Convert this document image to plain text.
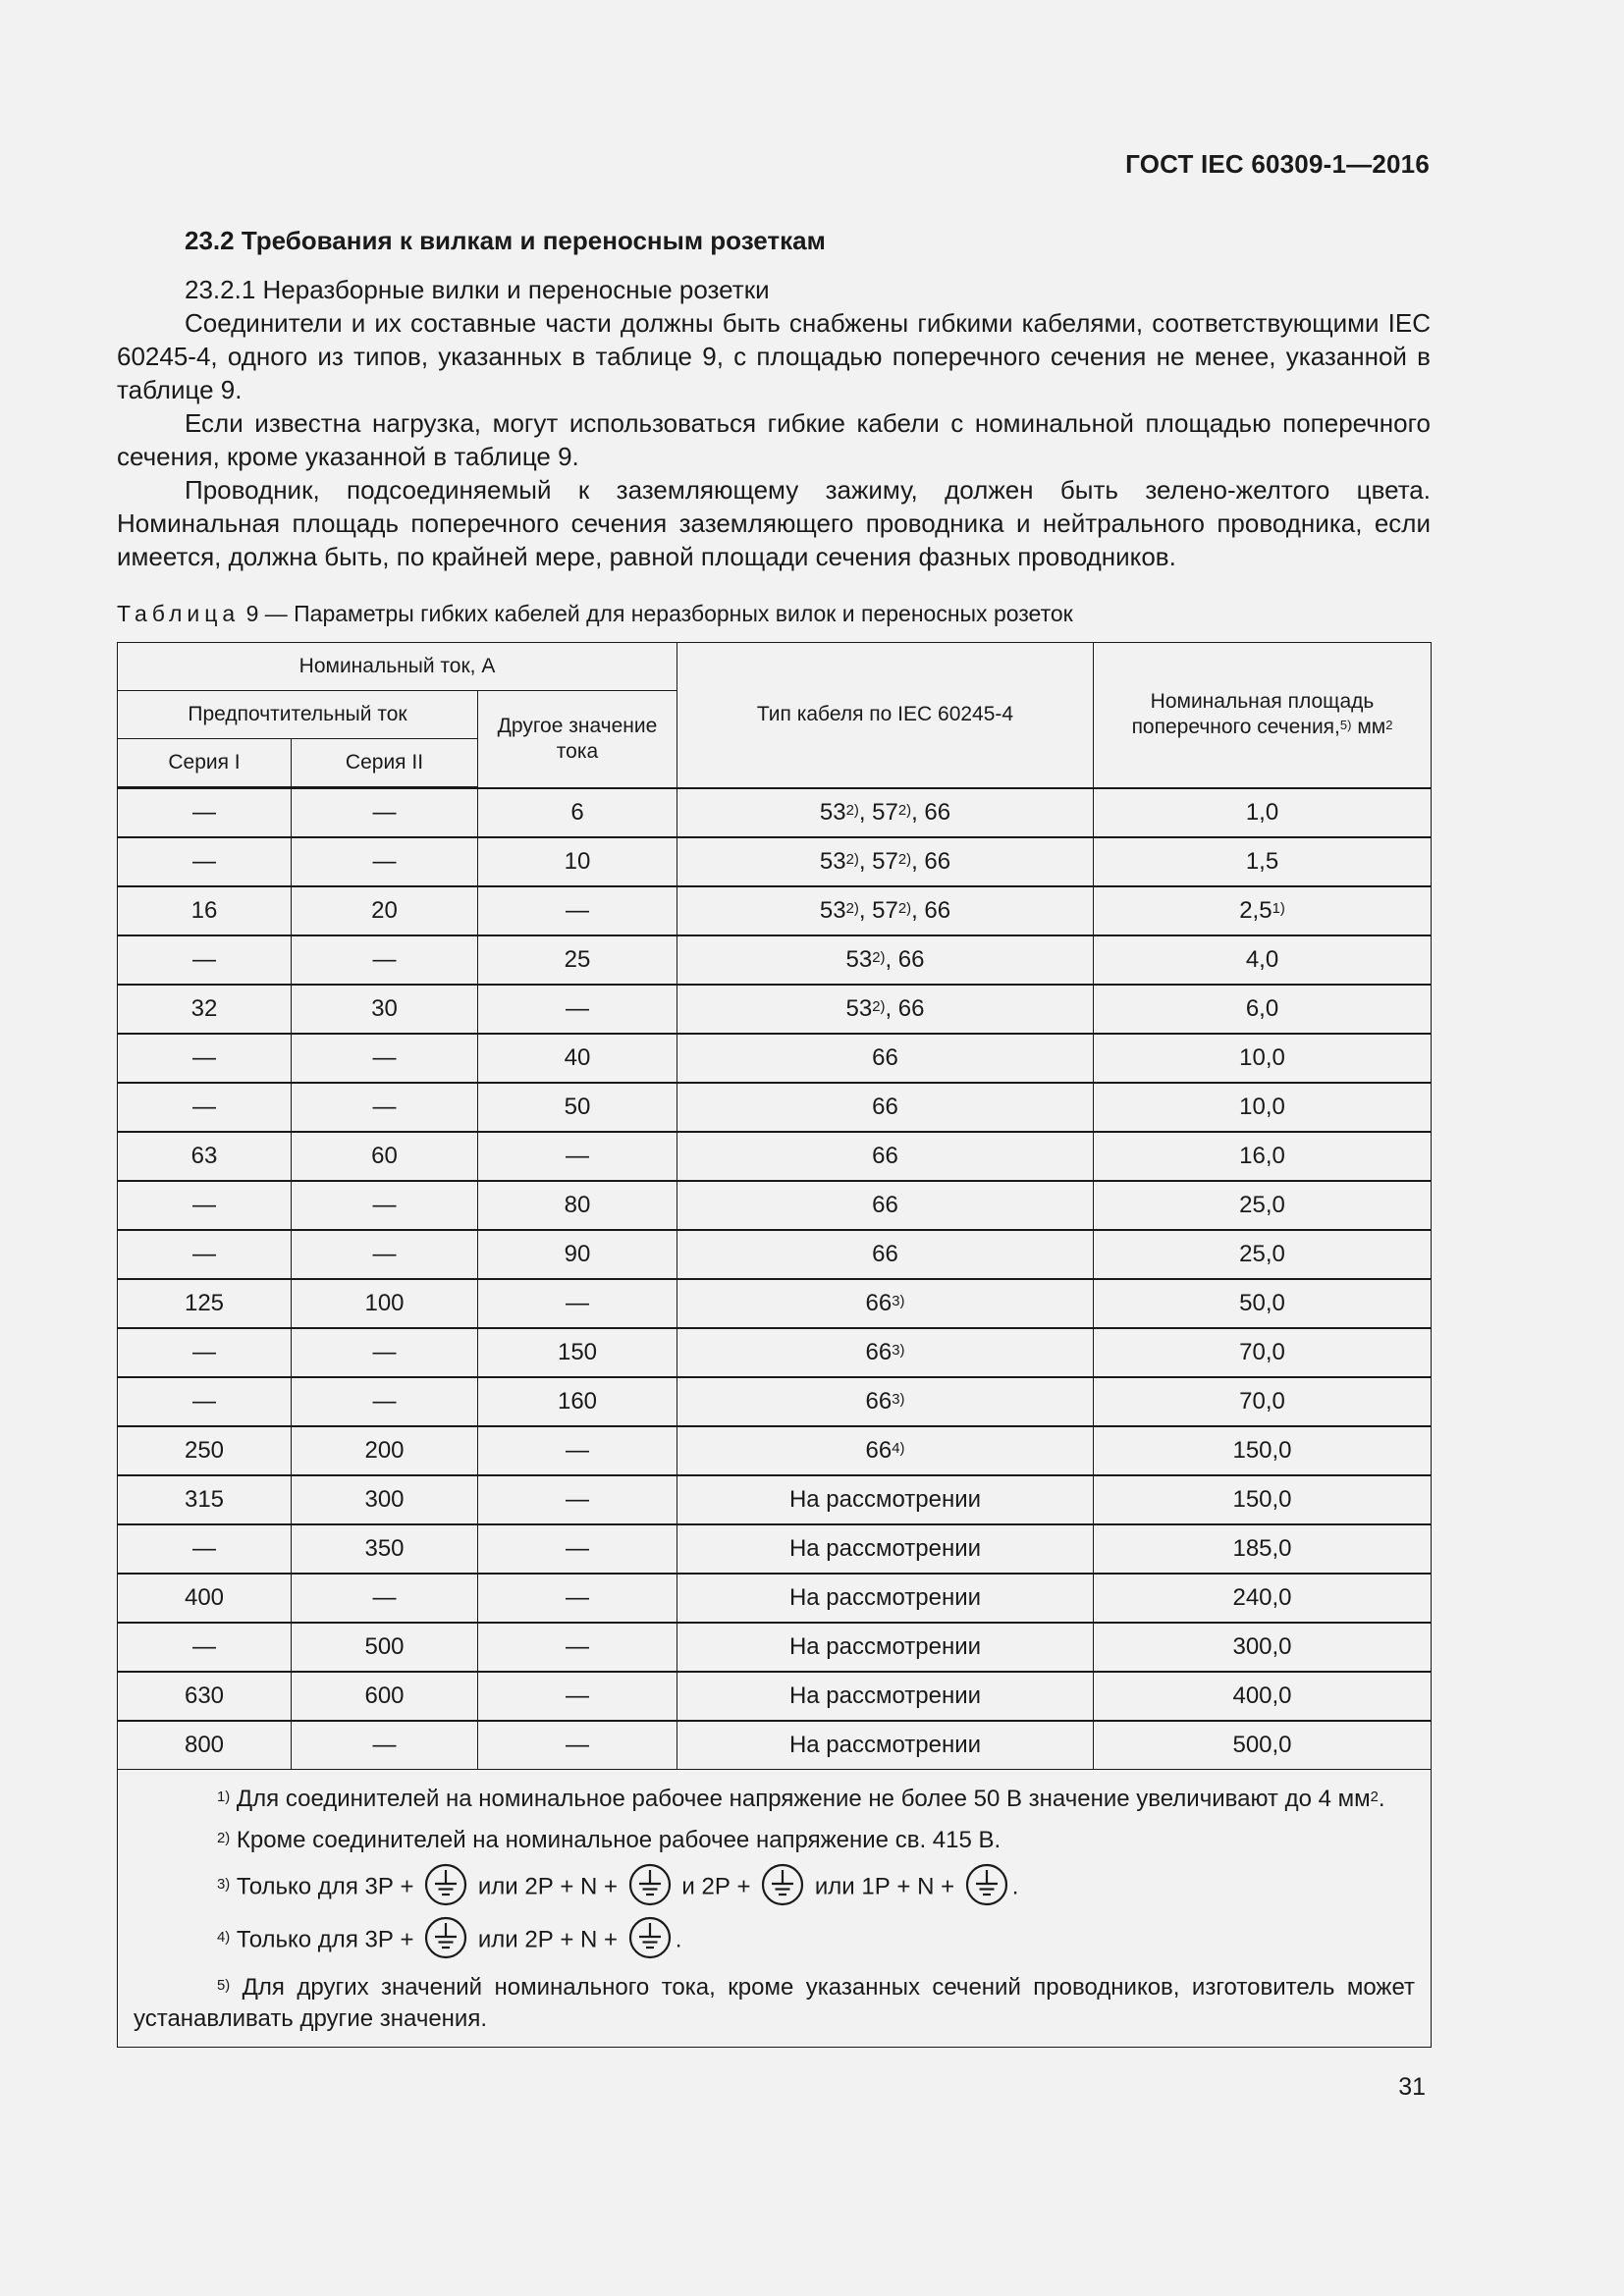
ГОСТ IEC 60309-1—2016
23.2 Требования к вилкам и переносным розеткам

23.2.1 Неразборные вилки и переносные розетки

Соединители и их составные части должны быть снабжены гибкими кабелями, соответствующими IEC 60245-4, одного из типов, указанных в таблице 9, с площадью поперечного сечения не менее, указанной в таблице 9.

Если известна нагрузка, могут использоваться гибкие кабели с номинальной площадью поперечного сечения, кроме указанной в таблице 9.

Проводник, подсоединяемый к заземляющему зажиму, должен быть зелено-желтого цвета. Номинальная площадь поперечного сечения заземляющего проводника и нейтрального проводника, если имеется, должна быть, по крайней мере, равной площади сечения фазных проводников.

Таблица 9 — Параметры гибких кабелей для неразборных вилок и переносных розеток
Номинальный ток, А			Тип кабеля по IEC 60245-4	Номинальная площадь поперечного сечения,$^{5)}$ $мм^2$
Предпочтительный ток		Другое значение тока		
Серия I	Серия II			
—	—	6	53$^{2)}$, 57$^{2)}$, 66	1,0
—	—	10	53$^{2)}$, 57$^{2)}$, 66	1,5
16	20	—	53$^{2)}$, 57$^{2)}$, 66	2,5$^{1)}$
—	—	25	53$^{2)}$, 66	4,0
32	30	—	53$^{2)}$, 66	6,0
—	—	40	66	10,0
—	—	50	66	10,0
63	60	—	66	16,0
—	—	80	66	25,0
—	—	90	66	25,0
125	100	—	66$^{3)}$	50,0
—	—	150	66$^{3)}$	70,0
—	—	160	66$^{3)}$	70,0
250	200	—	66$^{4)}$	150,0
315	300	—	На рассмотрении	150,0
—	350	—	На рассмотрении	185,0
400	—	—	На рассмотрении	240,0
—	500	—	На рассмотрении	300,0
630	600	—	На рассмотрении	400,0
800	—	—	На рассмотрении	500,0

$^{1)}$ Для соединителей на номинальное рабочее напряжение не более 50 В значение увеличивают до 4 $мм^2$.
$^{2)}$ Кроме соединителей на номинальное рабочее напряжение св. 415 В.
$^{3)}$ Только для 3Р + или 2Р + N + и 2Р + или 1Р + N + .
$^{4)}$ Только для 3Р + или 2Р + N + .
$^{5)}$ Для других значений номинального тока, кроме указанных сечений проводников, изготовитель может устанавливать другие значения.				
31
